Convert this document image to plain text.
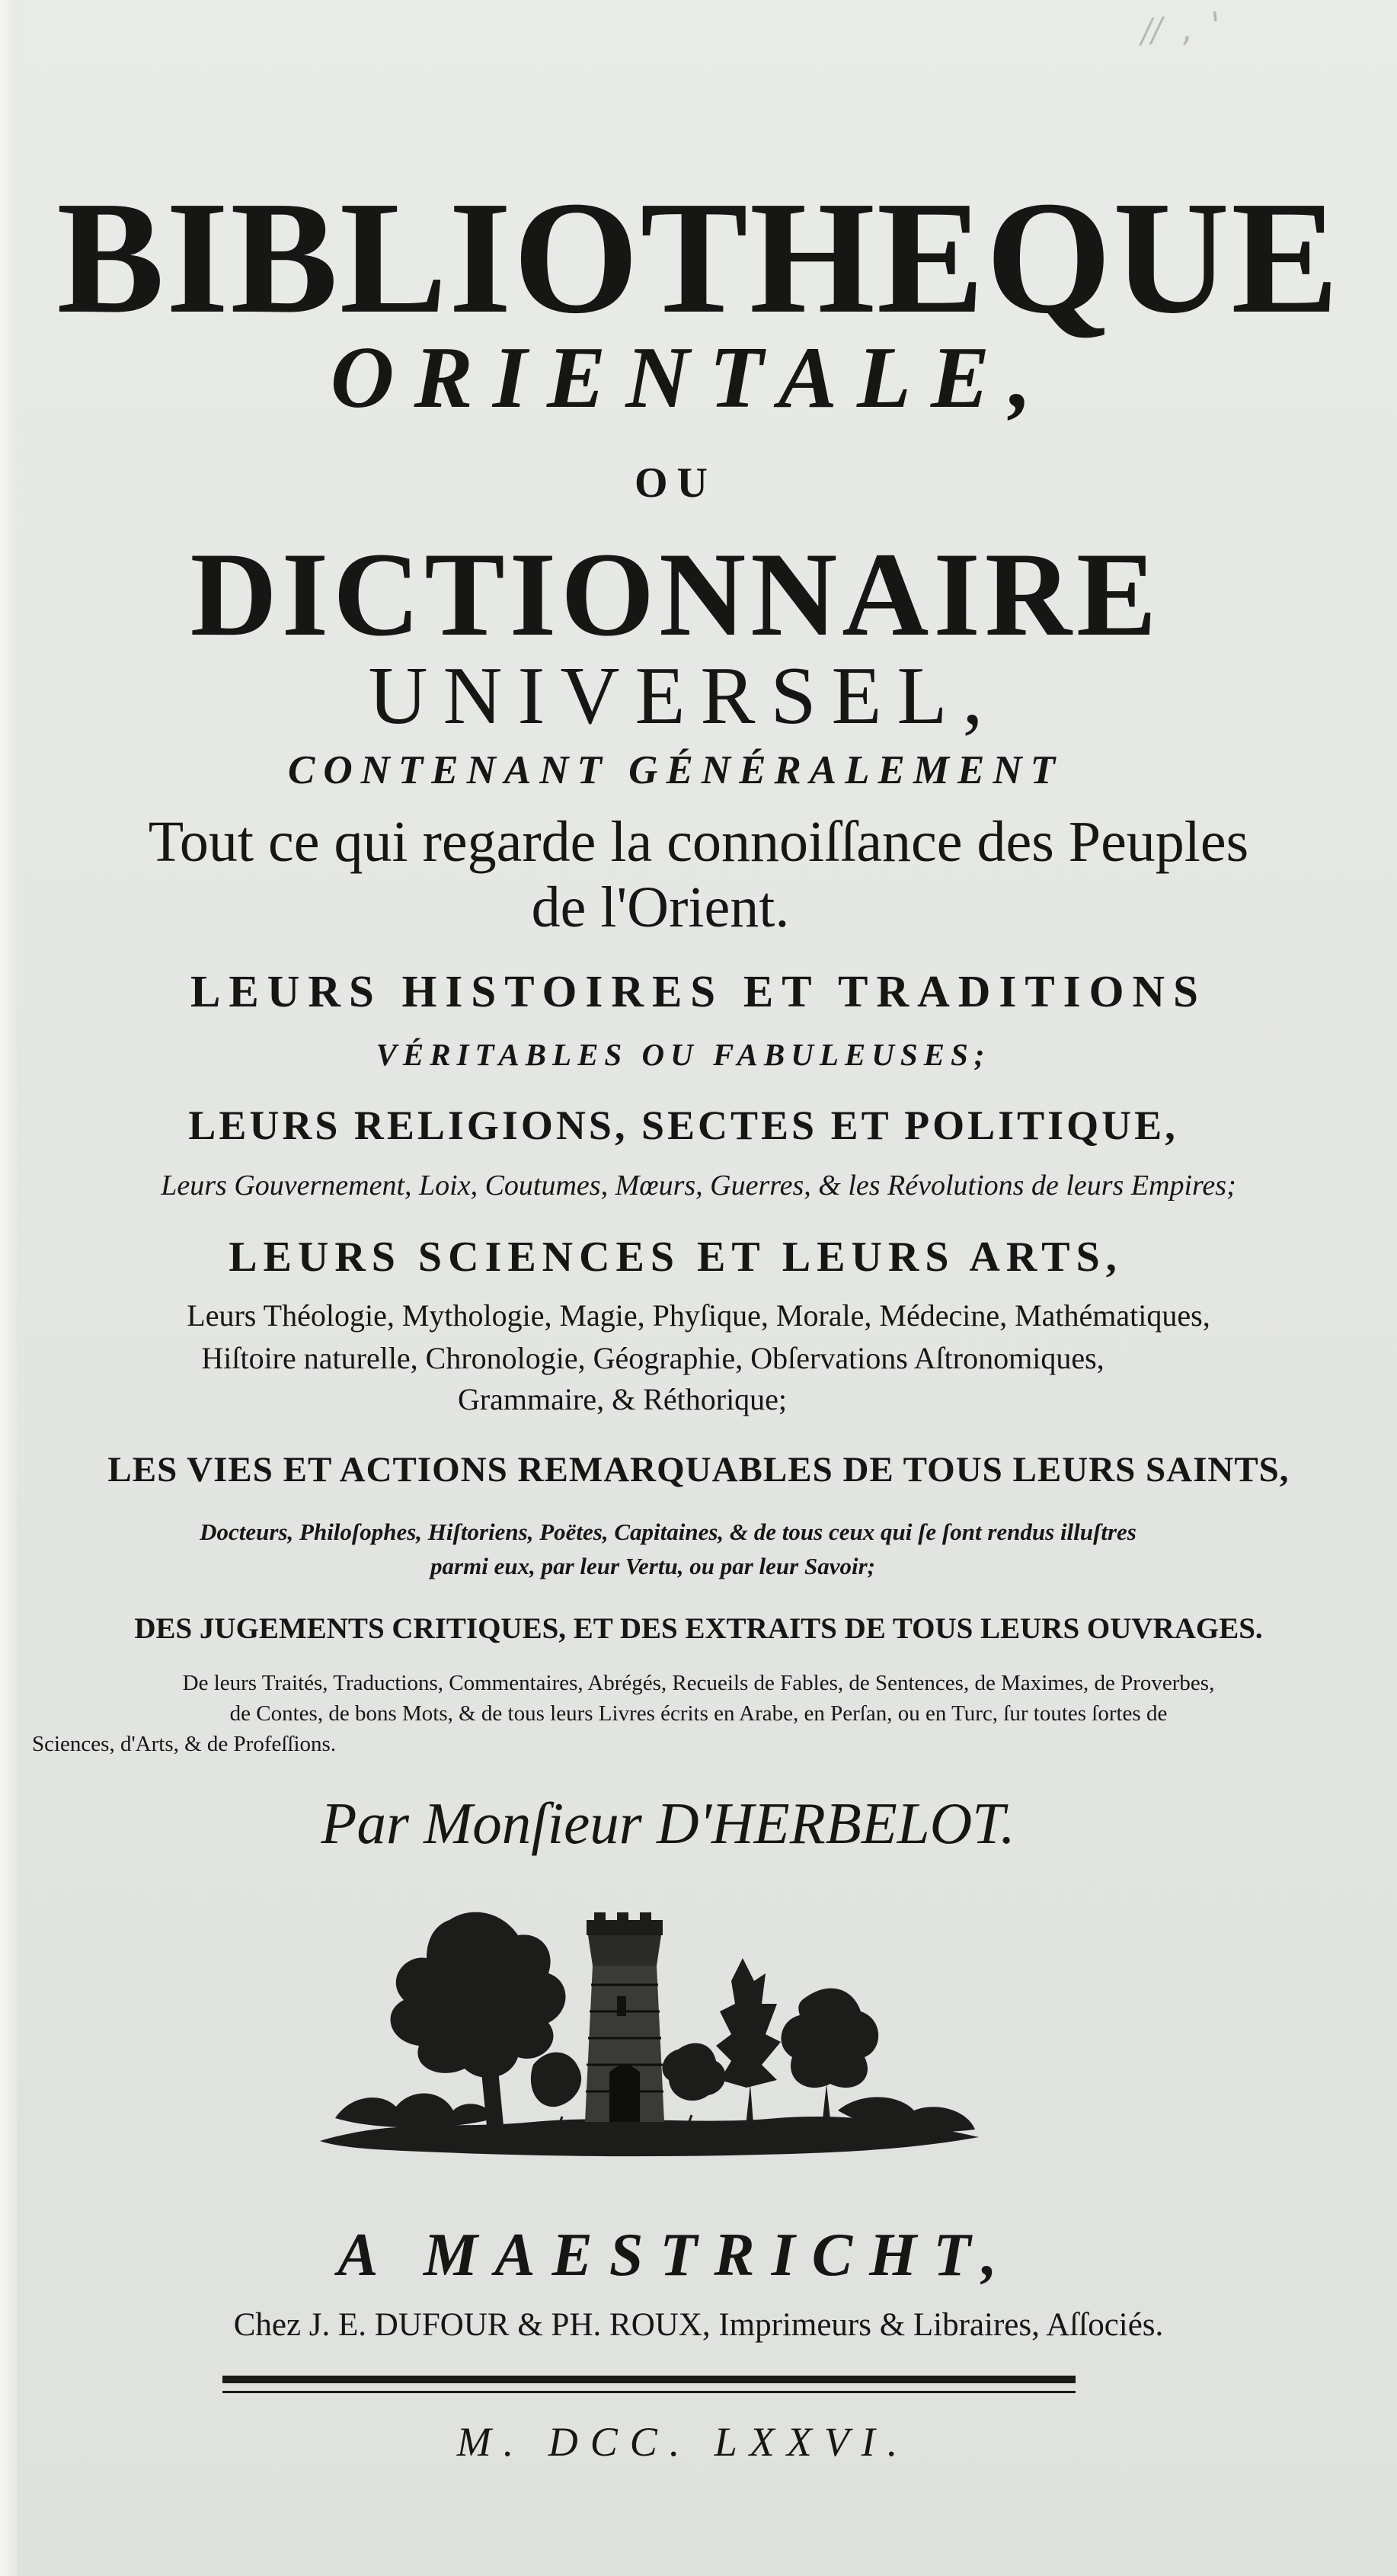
⁄⁄ , '
BIBLIOTHEQUE
ORIENTALE,
OU
DICTIONNAIRE
UNIVERSEL,
CONTENANT GÉNÉRALEMENT
Tout ce qui regarde la connoiſſance des Peuples
de l'Orient.
LEURS HISTOIRES ET TRADITIONS
VÉRITABLES OU FABULEUSES;
LEURS RELIGIONS, SECTES ET POLITIQUE,
Leurs Gouvernement, Loix, Coutumes, Mœurs, Guerres, & les Révolutions de leurs Empires;
LEURS SCIENCES ET LEURS ARTS,
Leurs Théologie, Mythologie, Magie, Phyſique, Morale, Médecine, Mathématiques,
Hiſtoire naturelle, Chronologie, Géographie, Obſervations Aſtronomiques,
Grammaire, & Réthorique;
LES VIES ET ACTIONS REMARQUABLES DE TOUS LEURS SAINTS,
Docteurs, Philoſophes, Hiſtoriens, Poëtes, Capitaines, & de tous ceux qui ſe ſont rendus illuſtres
parmi eux, par leur Vertu, ou par leur Savoir;
DES JUGEMENTS CRITIQUES, ET DES EXTRAITS DE TOUS LEURS OUVRAGES.
De leurs Traités, Traductions, Commentaires, Abrégés, Recueils de Fables, de Sentences, de Maximes, de Proverbes,
de Contes, de bons Mots, & de tous leurs Livres écrits en Arabe, en Perſan, ou en Turc, ſur toutes ſortes de
Sciences, d'Arts, & de Profeſſions.
Par Monſieur D'HERBELOT.
A MAESTRICHT,
Chez J. E. DUFOUR & PH. ROUX, Imprimeurs & Libraires, Aſſociés.
M. DCC. LXXVI.
